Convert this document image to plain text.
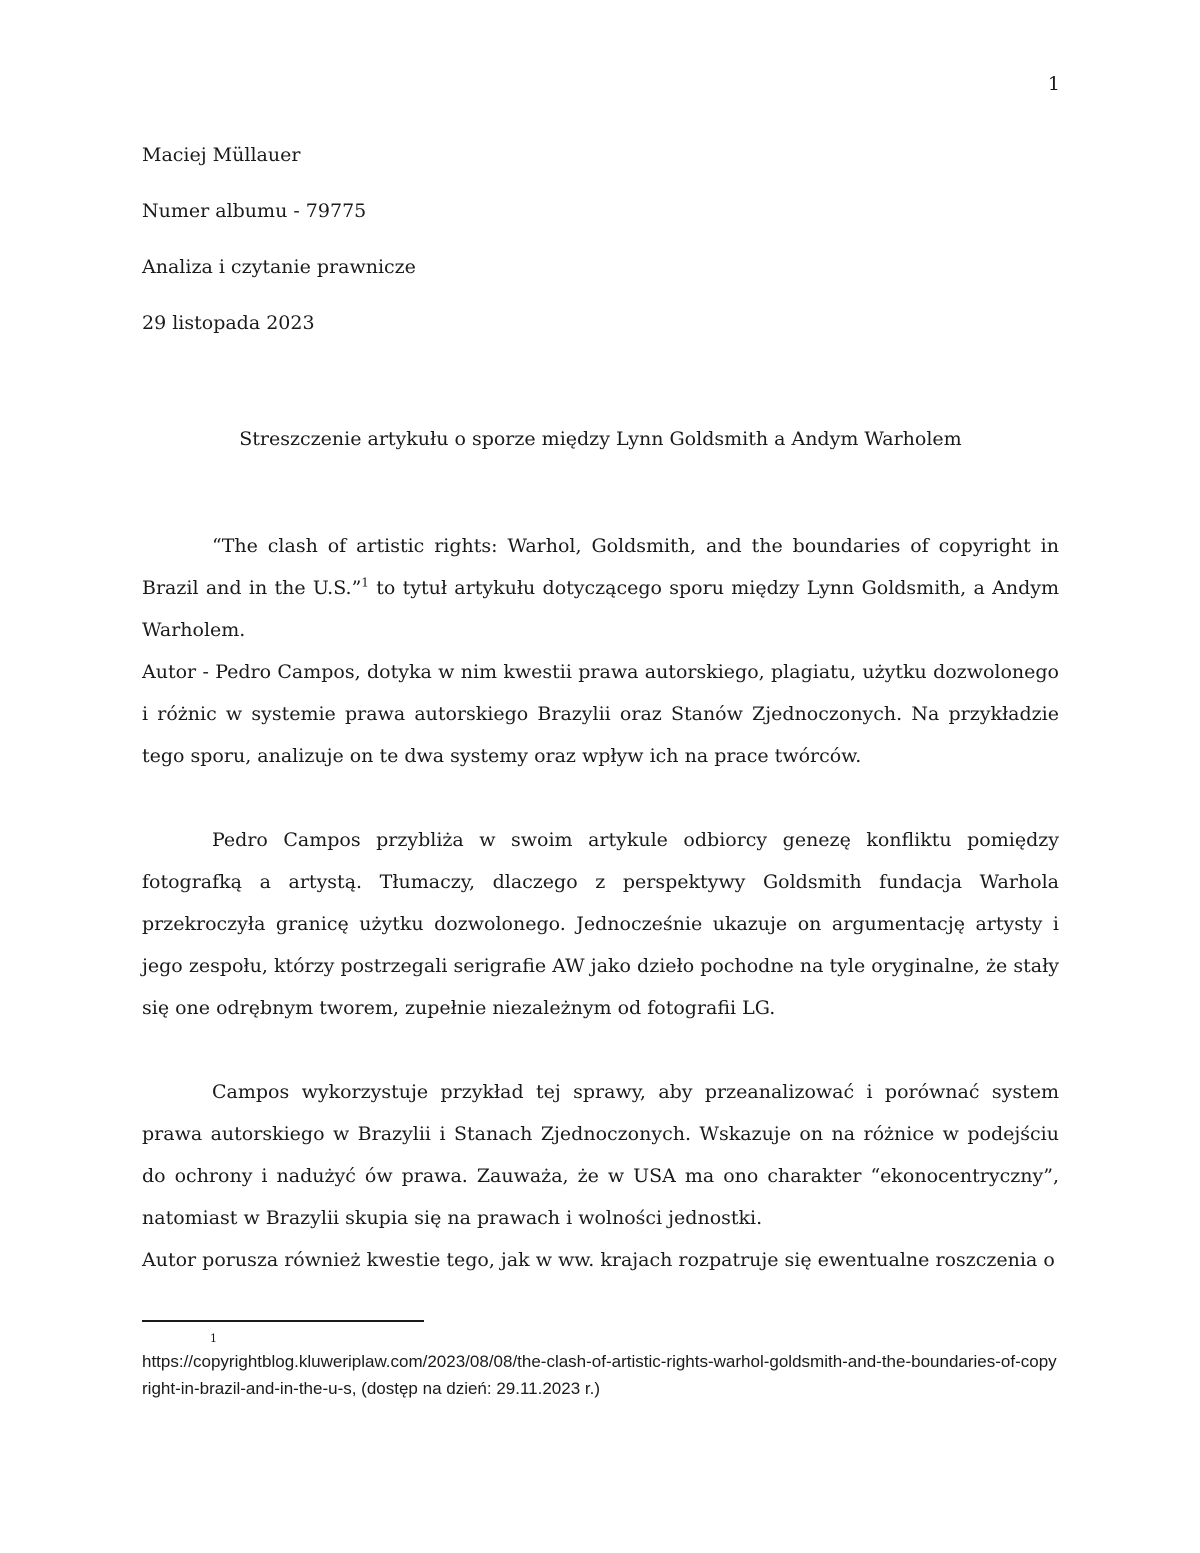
1
Maciej Müllauer
Numer albumu - 79775
Analiza i czytanie prawnicze
29 listopada 2023
Streszczenie artykułu o sporze między Lynn Goldsmith a Andym Warholem

“The clash of artistic rights: Warhol, Goldsmith, and the boundaries of copyright in Brazil and in the U.S.”$^1$ to tytuł artykułu dotyczącego sporu między Lynn Goldsmith, a Andym Warholem.

Autor - Pedro Campos, dotyka w nim kwestii prawa autorskiego, plagiatu, użytku dozwolonego i różnic w systemie prawa autorskiego Brazylii oraz Stanów Zjednoczonych. Na przykładzie tego sporu, analizuje on te dwa systemy oraz wpływ ich na prace twórców.

Pedro Campos przybliża w swoim artykule odbiorcy genezę konfliktu pomiędzy fotografką a artystą. Tłumaczy, dlaczego z perspektywy Goldsmith fundacja Warhola przekroczyła granicę użytku dozwolonego. Jednocześnie ukazuje on argumentację artysty i jego zespołu, którzy postrzegali serigrafie AW jako dzieło pochodne na tyle oryginalne, że stały się one odrębnym tworem, zupełnie niezależnym od fotografii LG.

Campos wykorzystuje przykład tej sprawy, aby przeanalizować i porównać system prawa autorskiego w Brazylii i Stanach Zjednoczonych. Wskazuje on na różnice w podejściu do ochrony i nadużyć ów prawa. Zauważa, że w USA ma ono charakter “ekonocentryczny”, natomiast w Brazylii skupia się na prawach i wolności jednostki.

Autor porusza również kwestie tego, jak w ww. krajach rozpatruje się ewentualne roszczenia o

1
https://copyrightblog.kluweriplaw.com/2023/08/08/the-clash-of-artistic-rights-warhol-goldsmith-and-the-boundaries-of-copyright-in-brazil-and-in-the-u-s, (dostęp na dzień: 29.11.2023 r.)
